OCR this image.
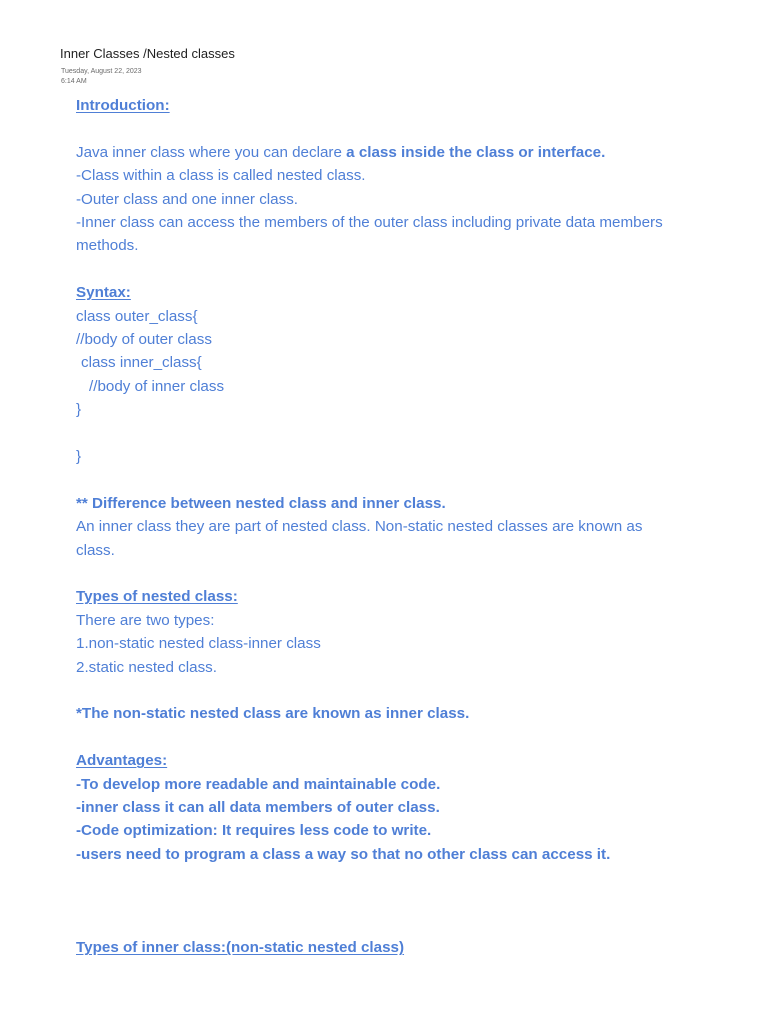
Inner Classes /Nested classes
Tuesday, August 22, 2023
6:14 AM
Introduction:
Java inner class where you can declare a class inside the class or interface.
-Class within a class is called nested class.
-Outer class and one inner class.
-Inner class can access the members of the outer class including private data members
methods.
Syntax:
class outer_class{
//body of outer class
class inner_class{
//body of inner class
}
}
** Difference between nested class and inner class.
An inner class they are part of nested class. Non-static nested classes are known as
class.
Types of nested class:
There are two types:
1.non-static nested class-inner class
2.static nested class.
*The non-static nested class are known as inner class.
Advantages:
-To develop more readable and maintainable code.
-inner class it can all data members of outer class.
-Code optimization: It requires less code to write.
-users need to program a class a way so that no other class can access it.
Types of inner class:(non-static nested class)
